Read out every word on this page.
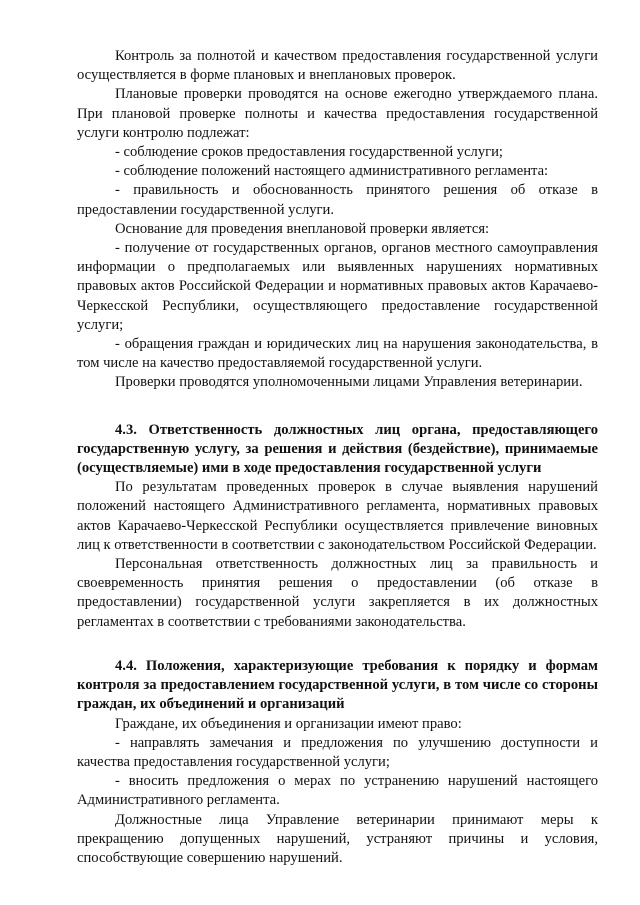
Контроль за полнотой и качеством предоставления государственной услуги осуществляется в форме плановых и внеплановых проверок.

Плановые проверки проводятся на основе ежегодно утверждаемого плана. При плановой проверке полноты и качества предоставления государственной услуги контролю подлежат:

- соблюдение сроков предоставления государственной услуги;

- соблюдение положений настоящего административного регламента:

- правильность и обоснованность принятого решения об отказе в предоставлении государственной услуги.

Основание для проведения внеплановой проверки является:

- получение от государственных органов, органов местного самоуправления информации о предполагаемых или выявленных нарушениях нормативных правовых актов Российской Федерации и нормативных правовых актов Карачаево-Черкесской Республики, осуществляющего предоставление государственной услуги;

- обращения граждан и юридических лиц на нарушения законодательства, в том числе на качество предоставляемой государственной услуги.

Проверки проводятся уполномоченными лицами Управления ветеринарии.

4.3. Ответственность должностных лиц органа, предоставляющего государственную услугу, за решения и действия (бездействие), принимаемые (осуществляемые) ими в ходе предоставления государственной услуги

По результатам проведенных проверок в случае выявления нарушений положений настоящего Административного регламента, нормативных правовых актов Карачаево-Черкесской Республики осуществляется привлечение виновных лиц к ответственности в соответствии с законодательством Российской Федерации.

Персональная ответственность должностных лиц за правильность и своевременность принятия решения о предоставлении (об отказе в предоставлении) государственной услуги закрепляется в их должностных регламентах в соответствии с требованиями законодательства.

4.4. Положения, характеризующие требования к порядку и формам контроля за предоставлением государственной услуги, в том числе со стороны граждан, их объединений и организаций

Граждане, их объединения и организации имеют право:

- направлять замечания и предложения по улучшению доступности и качества предоставления государственной услуги;

- вносить предложения о мерах по устранению нарушений настоящего Административного регламента.

Должностные лица Управление ветеринарии принимают меры к прекращению допущенных нарушений, устраняют причины и условия, способствующие совершению нарушений.
